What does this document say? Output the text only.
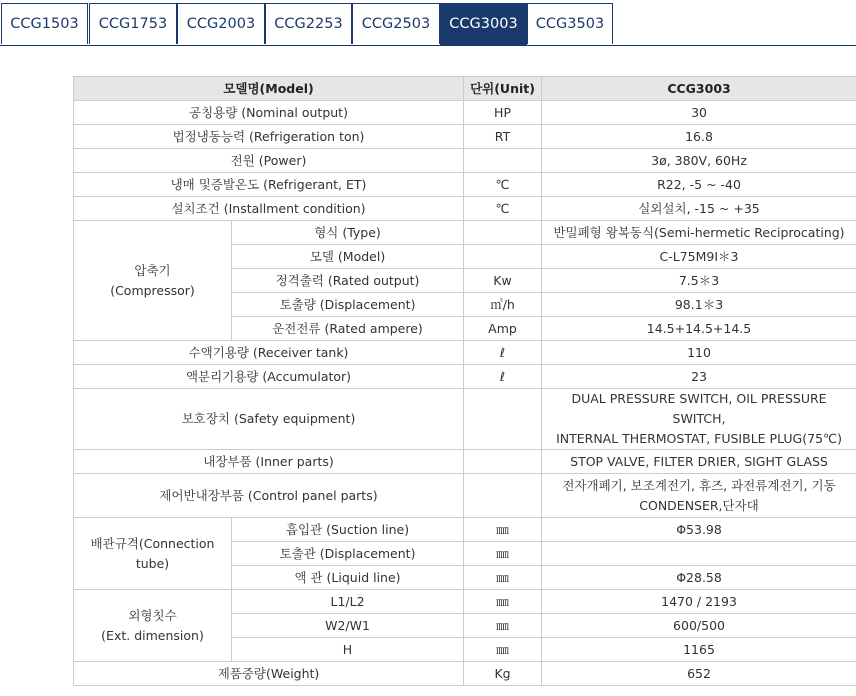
CCG1503	CCG1753	CCG2003	CCG2253	CCG2503	CCG3003	CCG3503
모델명(Model)		단위(Unit)	CCG3003
공칭용량 (Nominal output)		HP	30
법정냉동능력 (Refrigeration ton)		RT	16.8
전원 (Power)			3ø, 380V, 60Hz
냉매 및증발온도 (Refrigerant, ET)		℃	R22, -5 ~ -40
설치조건 (Installment condition)		℃	실외설치, -15 ~ +35
압축기
(Compressor)	형식 (Type)		반밀폐형 왕복동식(Semi-hermetic Reciprocating)
	모델 (Model)		C-L75M9I＊3
	정격출력 (Rated output)	Kw	7.5＊3
	토출량 (Displacement)	㎥/h	98.1＊3
	운전전류 (Rated ampere)	Amp	14.5+14.5+14.5
수액기용량 (Receiver tank)		ℓ	110
액분리기용량 (Accumulator)		ℓ	23
보호장치 (Safety equipment)			DUAL PRESSURE SWITCH, OIL PRESSURE SWITCH,
INTERNAL THERMOSTAT, FUSIBLE PLUG(75℃)
내장부품 (Inner parts)			STOP VALVE, FILTER DRIER, SIGHT GLASS
제어반내장부품 (Control panel parts)			전자개폐기, 보조계전기, 휴즈, 과전류계전기, 기동
CONDENSER,단자대
배관규격(Connection
tube)	흡입관 (Suction line)	㎜	Φ53.98
	토출관 (Displacement)	㎜	
	액 관 (Liquid line)	㎜	Φ28.58
외형칫수
(Ext. dimension)	L1/L2	㎜	1470 / 2193
	W2/W1	㎜	600/500
	H	㎜	1165
제품중량(Weight)		Kg	652
